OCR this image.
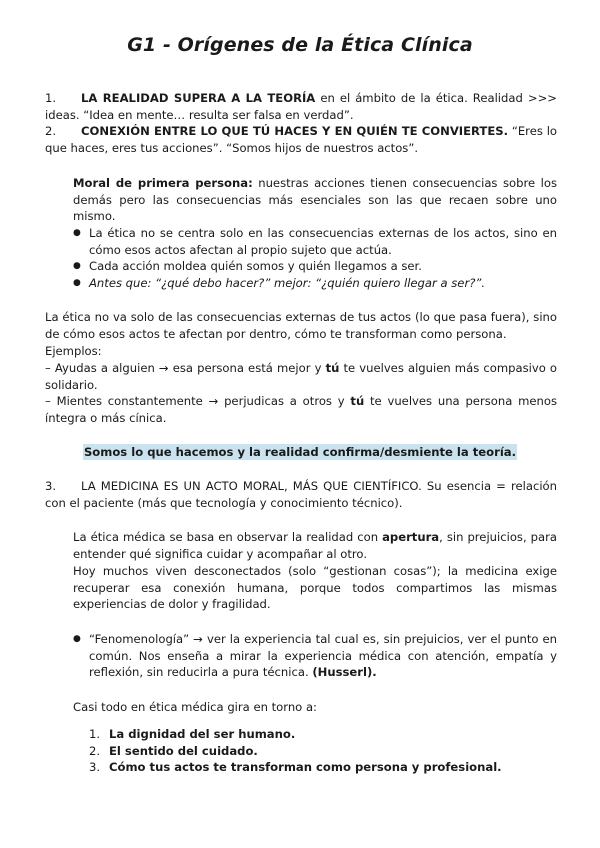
G1 - Orígenes de la Ética Clínica

1. LA REALIDAD SUPERA A LA TEORÍA en el ámbito de la ética. Realidad >>> ideas. “Idea en mente… resulta ser falsa en verdad”.

2. CONEXIÓN ENTRE LO QUE TÚ HACES Y EN QUIÉN TE CONVIERTES. “Eres lo que haces, eres tus acciones”. “Somos hijos de nuestros actos”.

Moral de primera persona: nuestras acciones tienen consecuencias sobre los demás pero las consecuencias más esenciales son las que recaen sobre uno mismo.

● La ética no se centra solo en las consecuencias externas de los actos, sino en cómo esos actos afectan al propio sujeto que actúa.
● Cada acción moldea quién somos y quién llegamos a ser.
● Antes que: “¿qué debo hacer?” mejor: “¿quién quiero llegar a ser?”.

La ética no va solo de las consecuencias externas de tus actos (lo que pasa fuera), sino de cómo esos actos te afectan por dentro, cómo te transforman como persona.

Ejemplos:

– Ayudas a alguien → esa persona está mejor y tú te vuelves alguien más compasivo o solidario.

– Mientes constantemente → perjudicas a otros y tú te vuelves una persona menos íntegra o más cínica.

Somos lo que hacemos y la realidad confirma/desmiente la teoría.

3. LA MEDICINA ES UN ACTO MORAL, MÁS QUE CIENTÍFICO. Su esencia = relación con el paciente (más que tecnología y conocimiento técnico).

La ética médica se basa en observar la realidad con apertura, sin prejuicios, para entender qué significa cuidar y acompañar al otro.

Hoy muchos viven desconectados (solo “gestionan cosas”); la medicina exige recuperar esa conexión humana, porque todos compartimos las mismas experiencias de dolor y fragilidad.

● “Fenomenología” → ver la experiencia tal cual es, sin prejuicios, ver el punto en común. Nos enseña a mirar la experiencia médica con atención, empatía y reflexión, sin reducirla a pura técnica. (Husserl).

Casi todo en ética médica gira en torno a:

1. La dignidad del ser humano.
2. El sentido del cuidado.
3. Cómo tus actos te transforman como persona y profesional.
